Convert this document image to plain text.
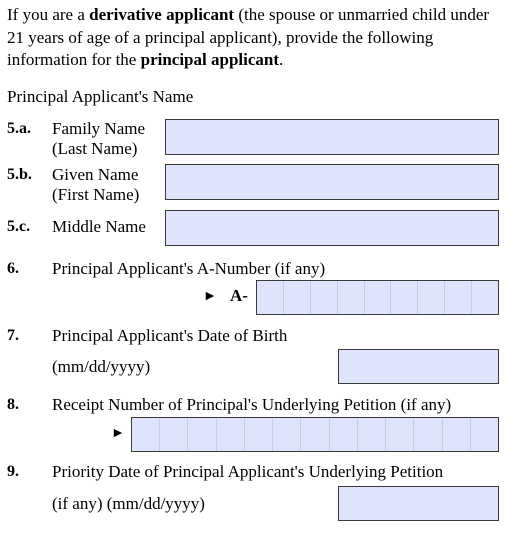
If you are a derivative applicant (the spouse or unmarried child under 21 years of age of a principal applicant), provide the following information for the principal applicant.
Principal Applicant's Name
5.a. Family Name
(Last Name)
5.b. Given Name
(First Name)
5.c. Middle Name
6. Principal Applicant's A-Number (if any)
► A-
7. Principal Applicant's Date of Birth
(mm/dd/yyyy)
8. Receipt Number of Principal's Underlying Petition (if any)
►
9. Priority Date of Principal Applicant's Underlying Petition
(if any) (mm/dd/yyyy)
